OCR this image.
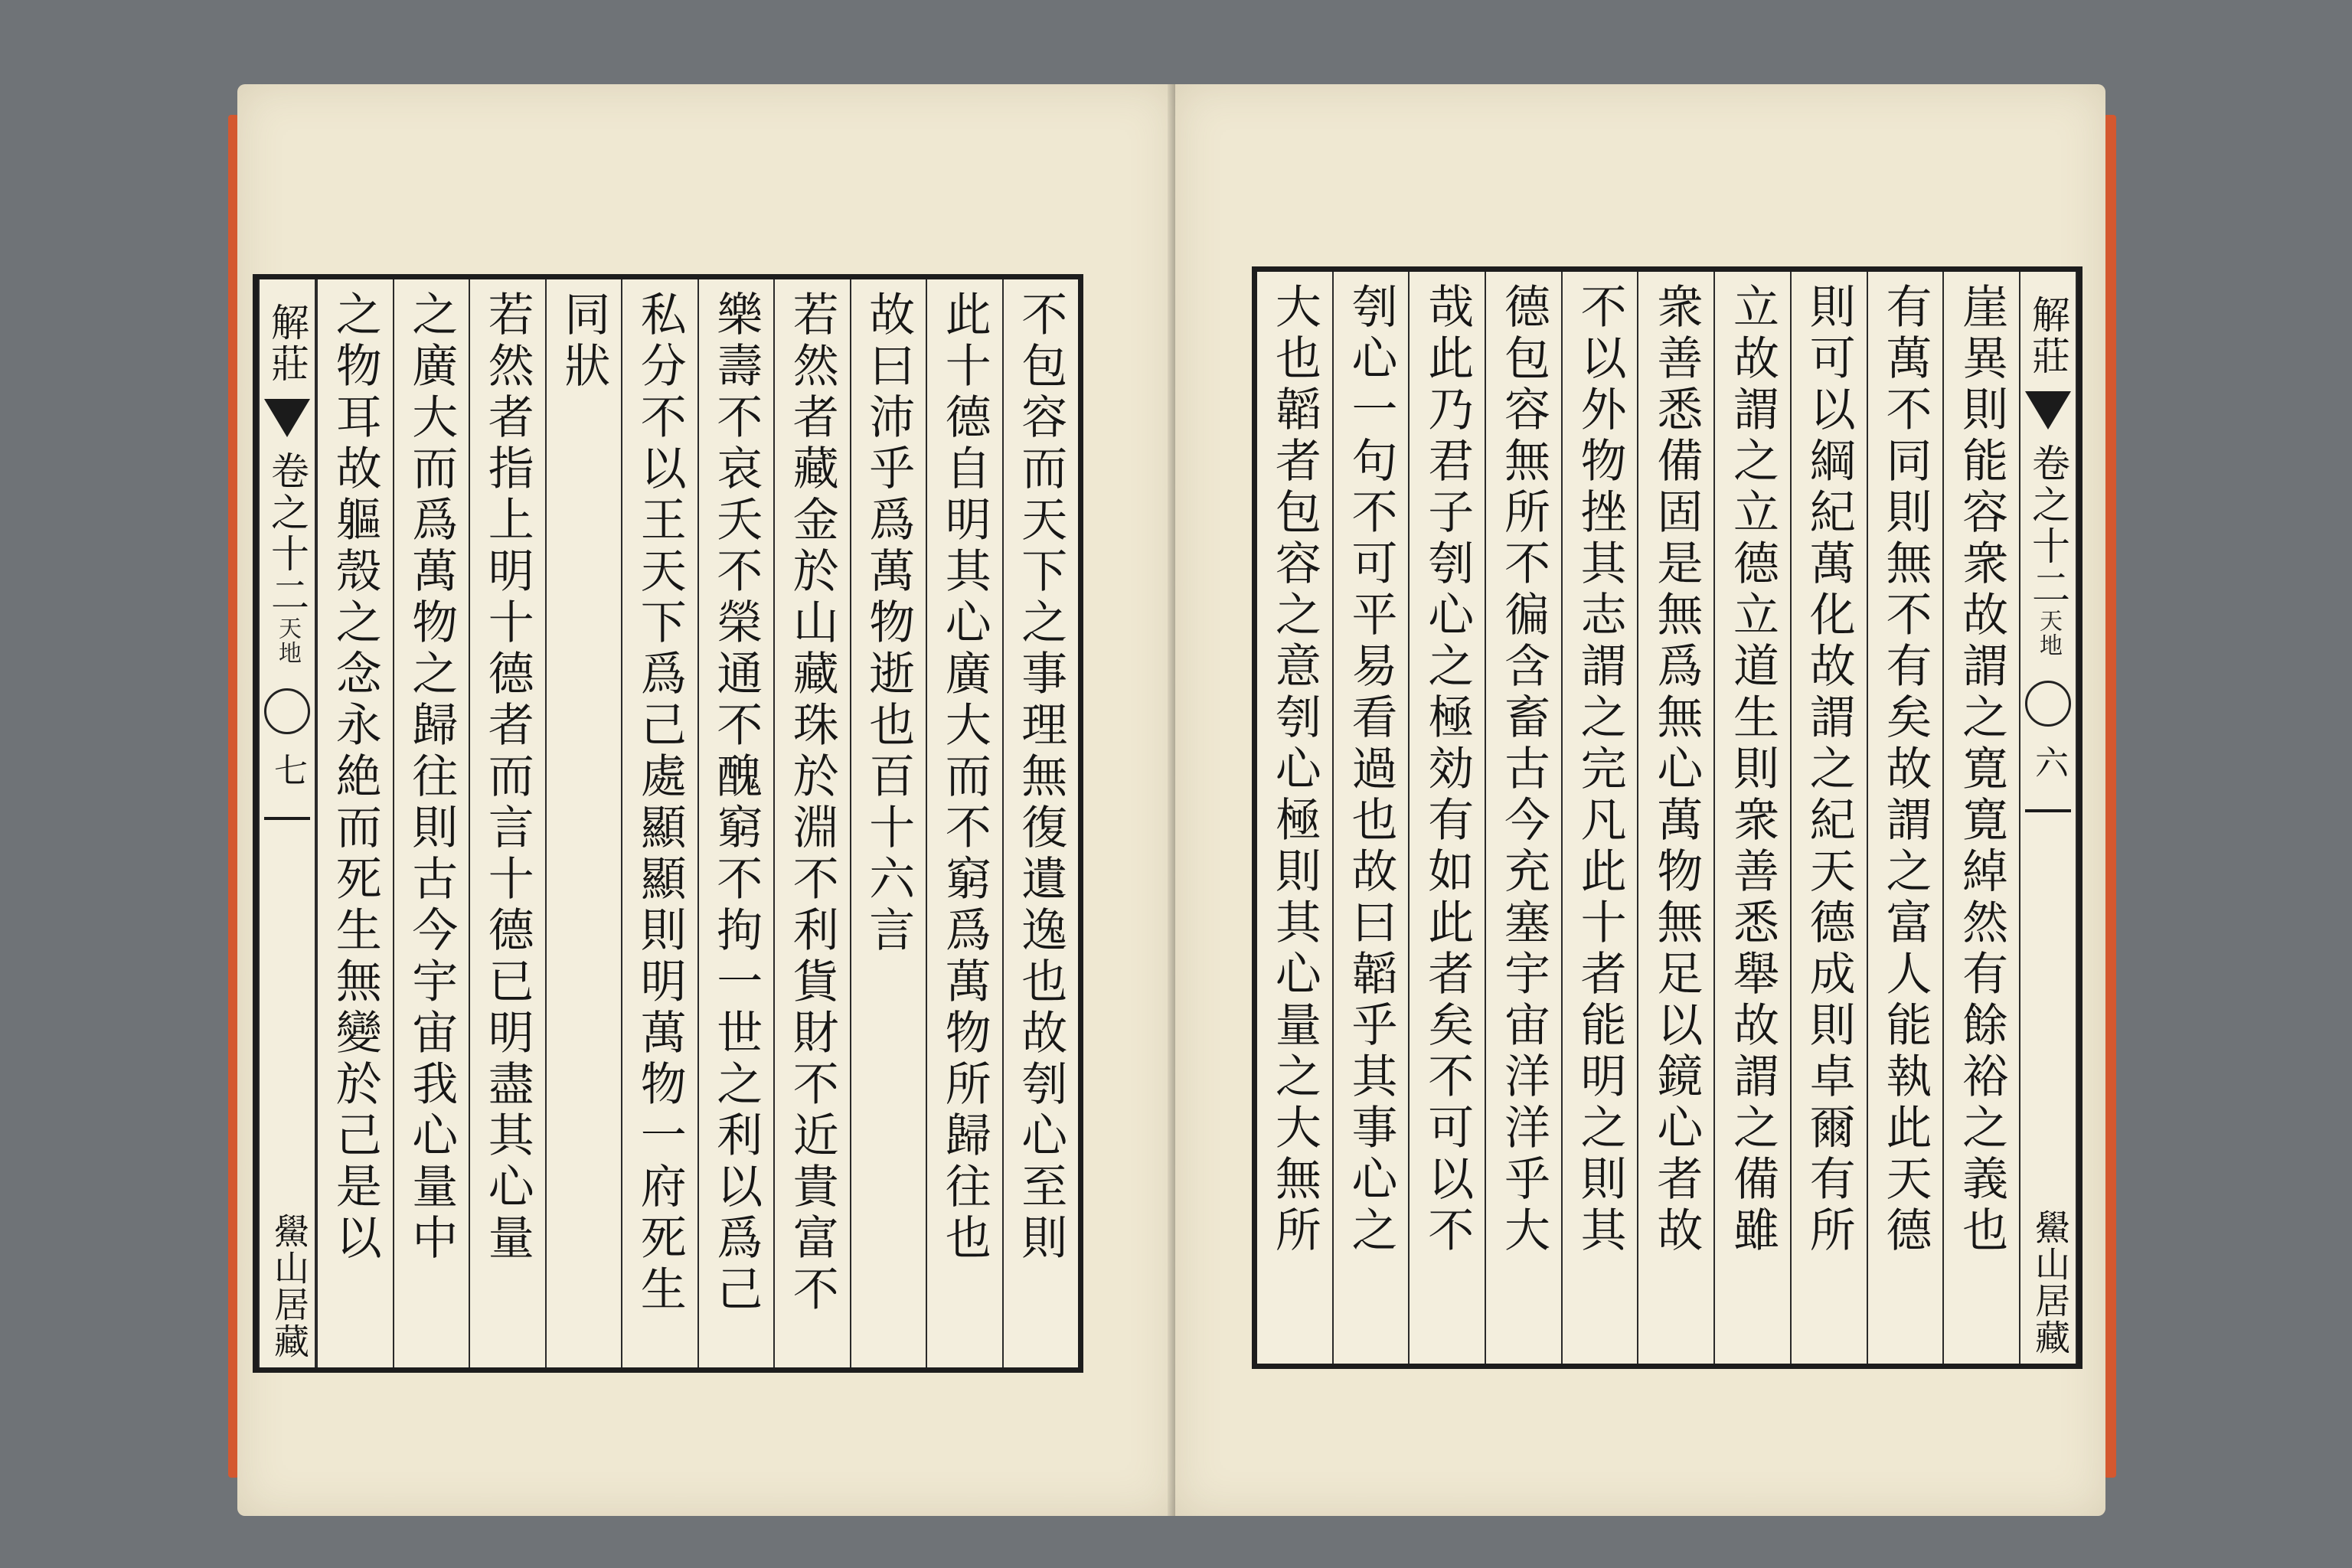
不包容而天下之事理無復遺逸也故刳心至則
此十德自明其心廣大而不窮爲萬物所歸往也
故曰沛乎爲萬物逝也百十六言
若然者藏金於山藏珠於淵不利貨財不近貴富不
樂壽不哀夭不榮通不醜窮不拘一世之利以爲己
私分不以王天下爲己處顯顯則明萬物一府死生
同狀
若然者指上明十德者而言十德已明盡其心量
之廣大而爲萬物之歸往則古今宇宙我心量中
之物耳故軀殼之念永絶而死生無變於己是以
解莊
卷之十二
天地
七
鱟山居藏
解莊
卷之十二
天地
六
鱟山居藏
崖異則能容衆故謂之寛寛綽然有餘裕之義也
有萬不同則無不有矣故謂之富人能執此天德
則可以綱紀萬化故謂之紀天德成則卓爾有所
立故謂之立德立道生則衆善悉舉故謂之備雖
衆善悉備固是無爲無心萬物無足以鏡心者故
不以外物挫其志謂之完凡此十者能明之則其
德包容無所不徧含畜古今充塞宇宙洋洋乎大
哉此乃君子刳心之極効有如此者矣不可以不
刳心一句不可平易看過也故曰韜乎其事心之
大也韜者包容之意刳心極則其心量之大無所
